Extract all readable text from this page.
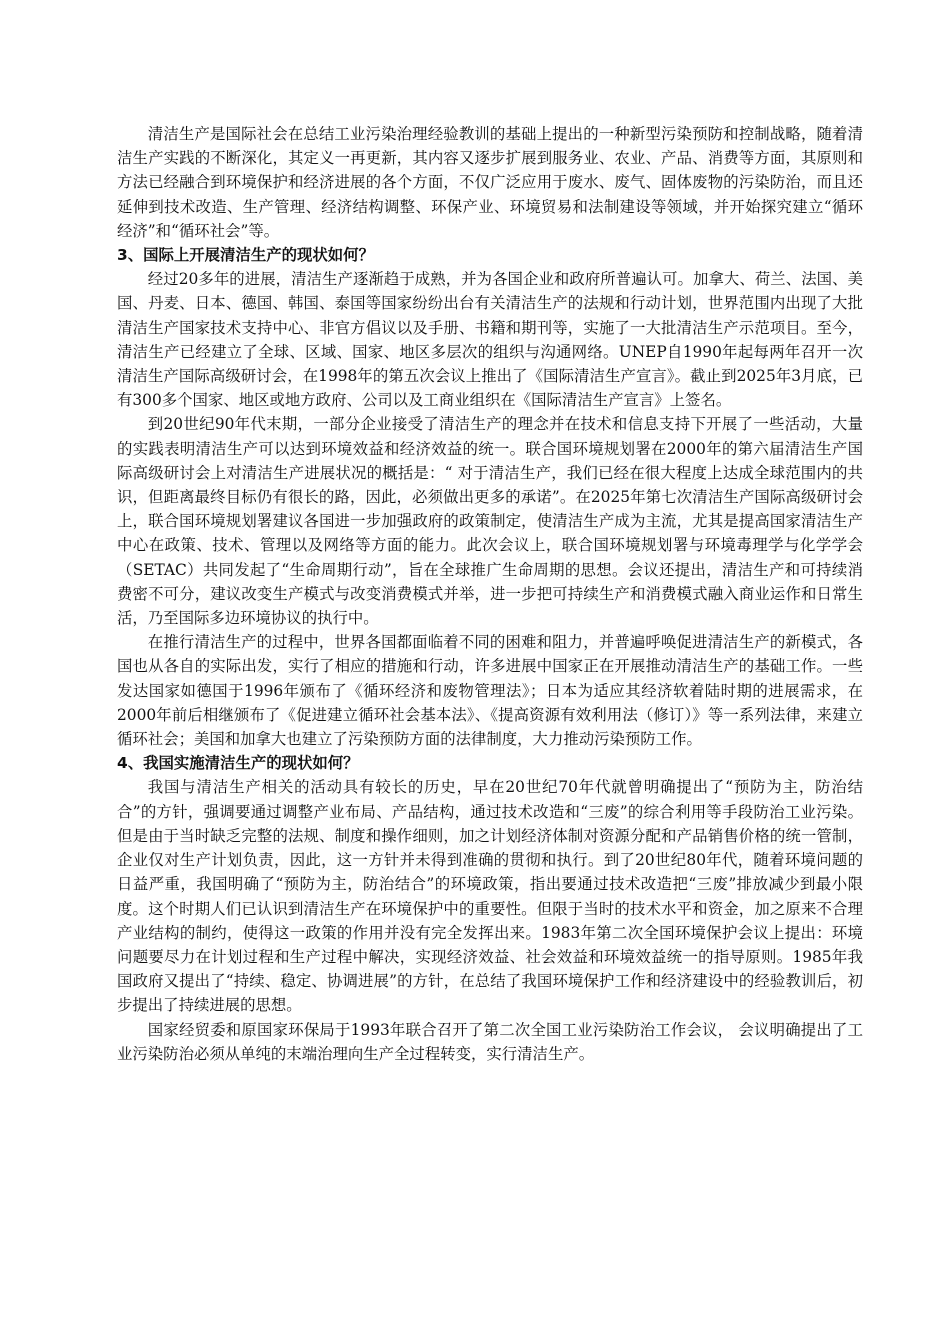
清洁生产是国际社会在总结工业污染治理经验教训的基础上提出的一种新型污染预防和控制战略，随着清洁生产实践的不断深化，其定义一再更新，其内容又逐步扩展到服务业、农业、产品、消费等方面，其原则和方法已经融合到环境保护和经济进展的各个方面，不仅广泛应用于废水、废气、固体废物的污染防治，而且还延伸到技术改造、生产管理、经济结构调整、环保产业、环境贸易和法制建设等领域，并开始探究建立“循环经济”和“循环社会”等。

3、国际上开展清洁生产的现状如何？

经过20多年的进展，清洁生产逐渐趋于成熟，并为各国企业和政府所普遍认可。加拿大、荷兰、法国、美国、丹麦、日本、德国、韩国、泰国等国家纷纷出台有关清洁生产的法规和行动计划，世界范围内出现了大批清洁生产国家技术支持中心、非官方倡议以及手册、书籍和期刊等，实施了一大批清洁生产示范项目。至今，清洁生产已经建立了全球、区域、国家、地区多层次的组织与沟通网络。UNEP自1990年起每两年召开一次清洁生产国际高级研讨会，在1998年的第五次会议上推出了《国际清洁生产宣言》。截止到2025年3月底，已有300多个国家、地区或地方政府、公司以及工商业组织在《国际清洁生产宣言》上签名。

到20世纪90年代末期，一部分企业接受了清洁生产的理念并在技术和信息支持下开展了一些活动，大量的实践表明清洁生产可以达到环境效益和经济效益的统一。联合国环境规划署在2000年的第六届清洁生产国际高级研讨会上对清洁生产进展状况的概括是：“ 对于清洁生产，我们已经在很大程度上达成全球范围内的共识，但距离最终目标仍有很长的路，因此，必须做出更多的承诺”。在2025年第七次清洁生产国际高级研讨会上，联合国环境规划署建议各国进一步加强政府的政策制定，使清洁生产成为主流，尤其是提高国家清洁生产中心在政策、技术、管理以及网络等方面的能力。此次会议上，联合国环境规划署与环境毒理学与化学学会（SETAC）共同发起了“生命周期行动”，旨在全球推广生命周期的思想。会议还提出，清洁生产和可持续消费密不可分，建议改变生产模式与改变消费模式并举，进一步把可持续生产和消费模式融入商业运作和日常生活，乃至国际多边环境协议的执行中。

在推行清洁生产的过程中，世界各国都面临着不同的困难和阻力，并普遍呼唤促进清洁生产的新模式，各国也从各自的实际出发，实行了相应的措施和行动，许多进展中国家正在开展推动清洁生产的基础工作。一些发达国家如德国于1996年颁布了《循环经济和废物管理法》；日本为适应其经济软着陆时期的进展需求，在2000年前后相继颁布了《促进建立循环社会基本法》、《提高资源有效利用法（修订）》等一系列法律，来建立循环社会；美国和加拿大也建立了污染预防方面的法律制度，大力推动污染预防工作。

4、我国实施清洁生产的现状如何？

我国与清洁生产相关的活动具有较长的历史，早在20世纪70年代就曾明确提出了“预防为主，防治结合”的方针，强调要通过调整产业布局、产品结构，通过技术改造和“三废”的综合利用等手段防治工业污染。但是由于当时缺乏完整的法规、制度和操作细则，加之计划经济体制对资源分配和产品销售价格的统一管制，企业仅对生产计划负责，因此，这一方针并未得到准确的贯彻和执行。到了20世纪80年代，随着环境问题的日益严重，我国明确了“预防为主，防治结合”的环境政策，指出要通过技术改造把“三废”排放减少到最小限度。这个时期人们已认识到清洁生产在环境保护中的重要性。但限于当时的技术水平和资金，加之原来不合理产业结构的制约，使得这一政策的作用并没有完全发挥出来。1983年第二次全国环境保护会议上提出：环境问题要尽力在计划过程和生产过程中解决，实现经济效益、社会效益和环境效益统一的指导原则。1985年我国政府又提出了“持续、稳定、协调进展”的方针，在总结了我国环境保护工作和经济建设中的经验教训后，初步提出了持续进展的思想。

国家经贸委和原国家环保局于1993年联合召开了第二次全国工业污染防治工作会议， 会议明确提出了工业污染防治必须从单纯的末端治理向生产全过程转变，实行清洁生产。
